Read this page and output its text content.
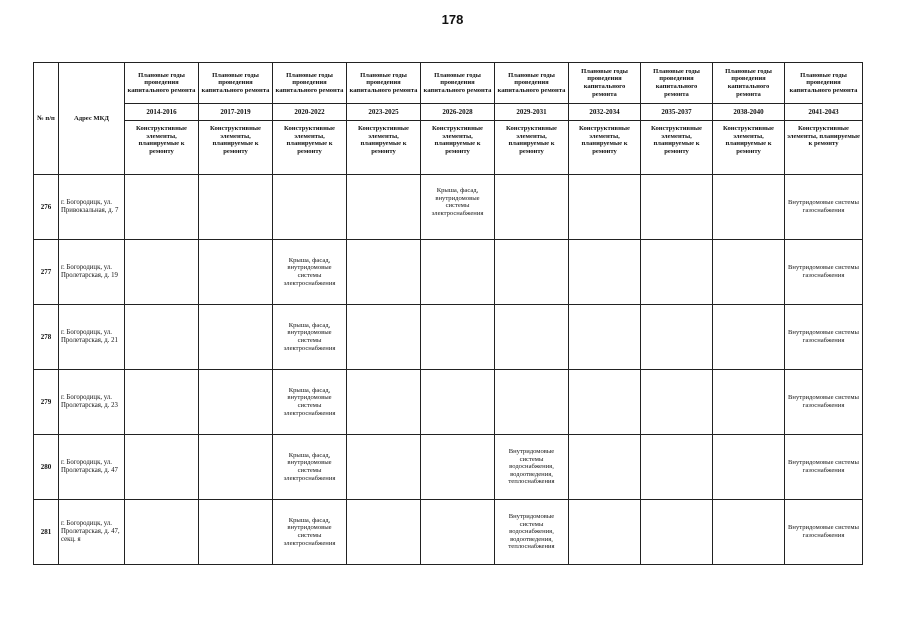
178
№ п/п	Адрес МКД	Плановые годы проведения капитального ремонта	Плановые годы проведения капитального ремонта	Плановые годы проведения капитального ремонта	Плановые годы проведения капитального ремонта	Плановые годы проведения капитального ремонта	Плановые годы проведения капитального ремонта	Плановые годы проведения капитального ремонта	Плановые годы проведения капитального ремонта	Плановые годы проведения капитального ремонта	Плановые годы проведения капитального ремонта
		2014-2016	2017-2019	2020-2022	2023-2025	2026-2028	2029-2031	2032-2034	2035-2037	2038-2040	2041-2043
		Конструктивные элементы, планируемые к ремонту	Конструктивные элементы, планируемые к ремонту	Конструктивные элементы, планируемые к ремонту	Конструктивные элементы, планируемые к ремонту	Конструктивные элементы, планируемые к ремонту	Конструктивные элементы, планируемые к ремонту	Конструктивные элементы, планируемые к ремонту	Конструктивные элементы, планируемые к ремонту	Конструктивные элементы, планируемые к ремонту	Конструктивные элементы, планируемые к ремонту
276	г. Богородицк, ул. Привокзальная, д. 7					Крыша, фасад, внутридомовые системы электроснабжения					Внутридомовые системы газоснабжения
277	г. Богородицк, ул. Пролетарская, д. 19			Крыша, фасад, внутридомовые системы электроснабжения							Внутридомовые системы газоснабжения
278	г. Богородицк, ул. Пролетарская, д. 21			Крыша, фасад, внутридомовые системы электроснабжения							Внутридомовые системы газоснабжения
279	г. Богородицк, ул. Пролетарская, д. 23			Крыша, фасад, внутридомовые системы электроснабжения							Внутридомовые системы газоснабжения
280	г. Богородицк, ул. Пролетарская, д. 47			Крыша, фасад, внутридомовые системы электроснабжения			Внутридомовые системы водоснабжения, водоотведения, теплоснабжения				Внутридомовые системы газоснабжения
281	г. Богородицк, ул. Пролетарская, д. 47, секц. я			Крыша, фасад, внутридомовые системы электроснабжения			Внутридомовые системы водоснабжения, водоотведения, теплоснабжения				Внутридомовые системы газоснабжения
